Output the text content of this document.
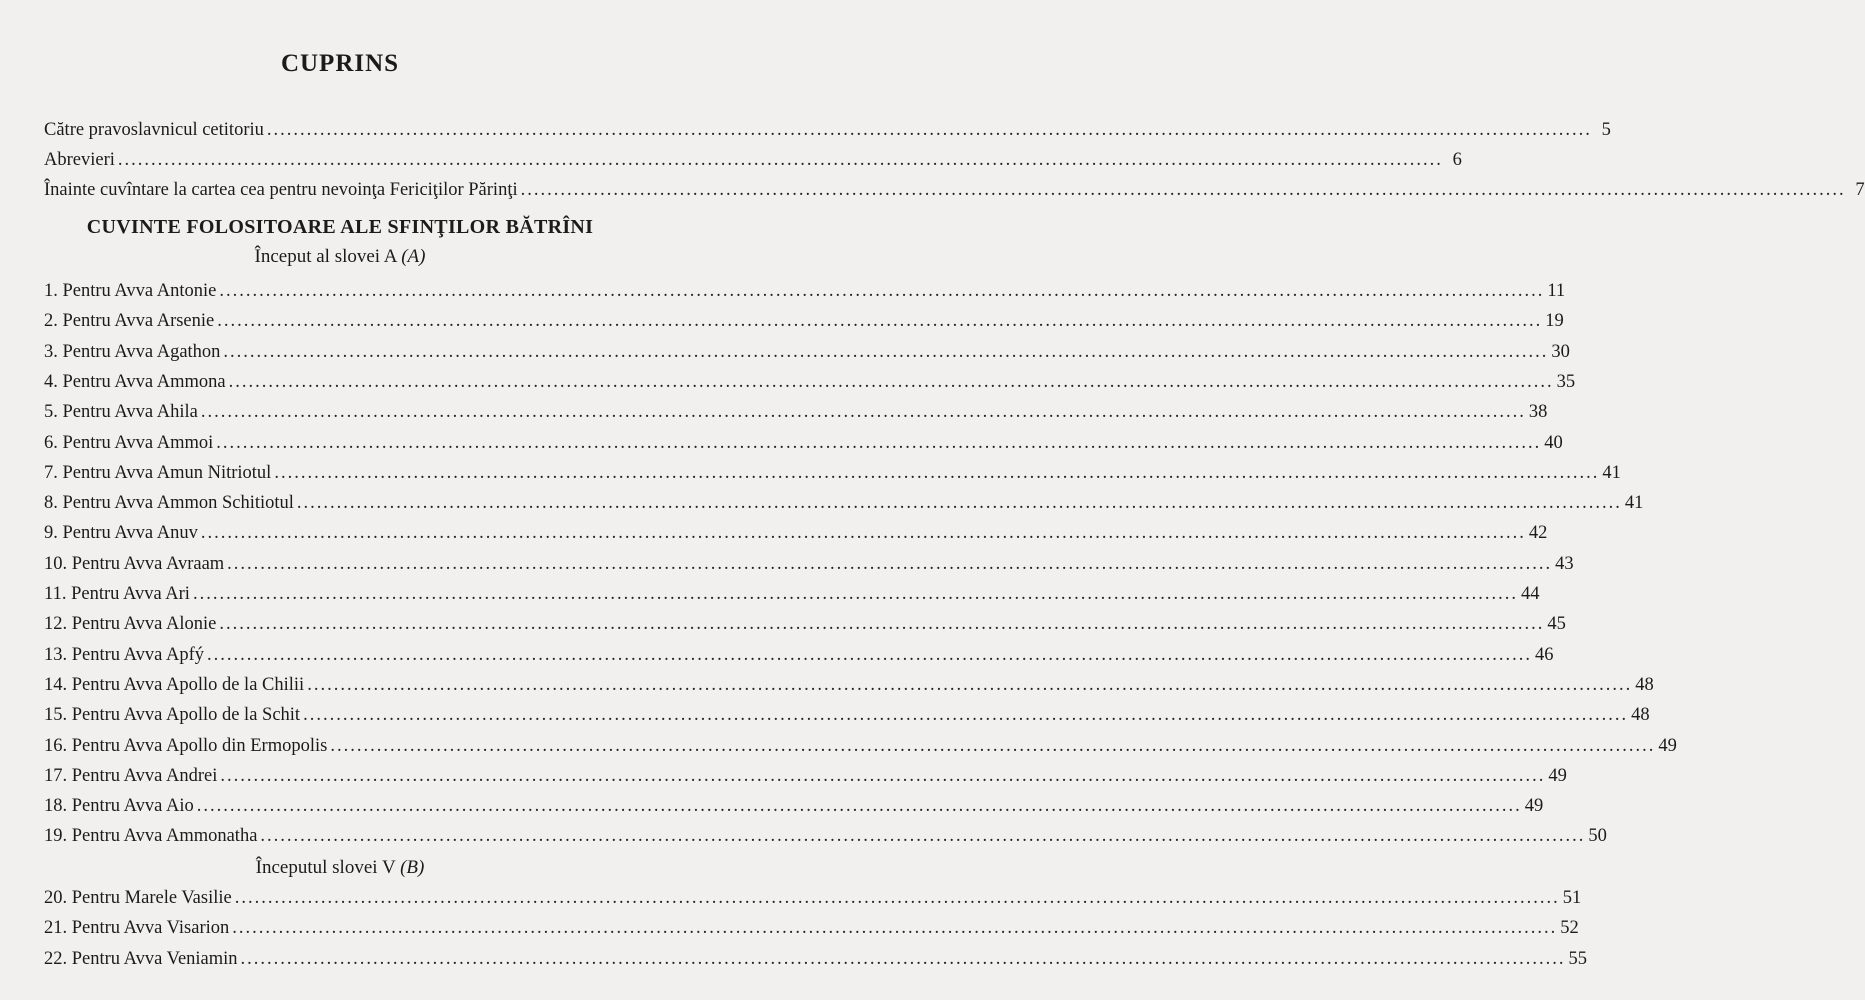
CUPRINS
Către pravoslavnicul cetitoriu ........................................................................................................................................................................................................ 5
Abrevieri ........................................................................................................................................................................................................ 6
Înainte cuvîntare la cartea cea pentru nevoinţa Fericiţilor Părinţi ........................................................................................................................................................................................................ 7
CUVINTE FOLOSITOARE ALE SFINŢILOR BĂTRÎNI
Început al slovei A (A)
1. Pentru Avva Antonie ........................................................................................................................................................................................................ 11
2. Pentru Avva Arsenie ........................................................................................................................................................................................................ 19
3. Pentru Avva Agathon ........................................................................................................................................................................................................ 30
4. Pentru Avva Ammona ........................................................................................................................................................................................................ 35
5. Pentru Avva Ahila ........................................................................................................................................................................................................ 38
6. Pentru Avva Ammoi ........................................................................................................................................................................................................ 40
7. Pentru Avva Amun Nitriotul ........................................................................................................................................................................................................ 41
8. Pentru Avva Ammon Schitiotul ........................................................................................................................................................................................................ 41
9. Pentru Avva Anuv ........................................................................................................................................................................................................ 42
10. Pentru Avva Avraam ........................................................................................................................................................................................................ 43
11. Pentru Avva Ari ........................................................................................................................................................................................................ 44
12. Pentru Avva Alonie ........................................................................................................................................................................................................ 45
13. Pentru Avva Apfý ........................................................................................................................................................................................................ 46
14. Pentru Avva Apollo de la Chilii ........................................................................................................................................................................................................ 48
15. Pentru Avva Apollo de la Schit ........................................................................................................................................................................................................ 48
16. Pentru Avva Apollo din Ermopolis ........................................................................................................................................................................................................ 49
17. Pentru Avva Andrei ........................................................................................................................................................................................................ 49
18. Pentru Avva Aio ........................................................................................................................................................................................................ 49
19. Pentru Avva Ammonatha ........................................................................................................................................................................................................ 50
Începutul slovei V (B)
20. Pentru Marele Vasilie ........................................................................................................................................................................................................ 51
21. Pentru Avva Visarion ........................................................................................................................................................................................................ 52
22. Pentru Avva Veniamin ........................................................................................................................................................................................................ 55
